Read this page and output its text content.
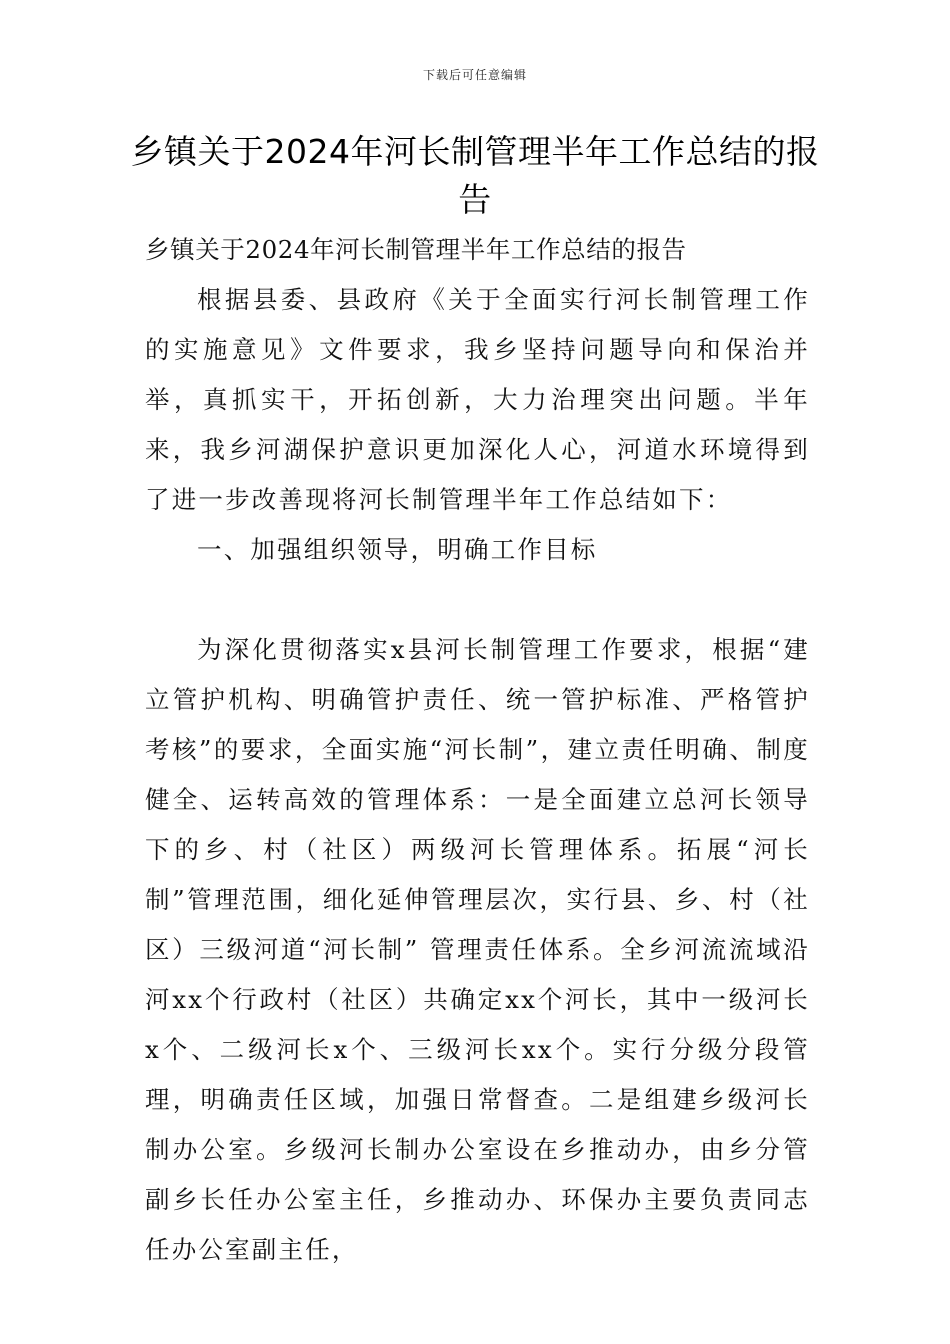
下载后可任意编辑
乡镇关于2024年河长制管理半年工作总结的报告

乡镇关于2024年河长制管理半年工作总结的报告

根据县委、县政府《关于全面实行河长制管理工作的实施意见》文件要求，我乡坚持问题导向和保治并举，真抓实干，开拓创新，大力治理突出问题。半年来，我乡河湖保护意识更加深化人心，河道水环境得到了进一步改善现将河长制管理半年工作总结如下：

一、加强组织领导，明确工作目标

为深化贯彻落实x县河长制管理工作要求，根据“建立管护机构、明确管护责任、统一管护标准、严格管护考核”的要求，全面实施“河长制”，建立责任明确、制度健全、运转高效的管理体系：一是全面建立总河长领导下的乡、村（社区）两级河长管理体系。拓展“河长制”管理范围，细化延伸管理层次，实行县、乡、村（社区）三级河道“河长制” 管理责任体系。全乡河流流域沿河xx个行政村（社区）共确定xx个河长，其中一级河长x个、二级河长x个、三级河长xx个。实行分级分段管理，明确责任区域，加强日常督查。二是组建乡级河长制办公室。乡级河长制办公室设在乡推动办，由乡分管副乡长任办公室主任，乡推动办、环保办主要负责同志任办公室副主任，
